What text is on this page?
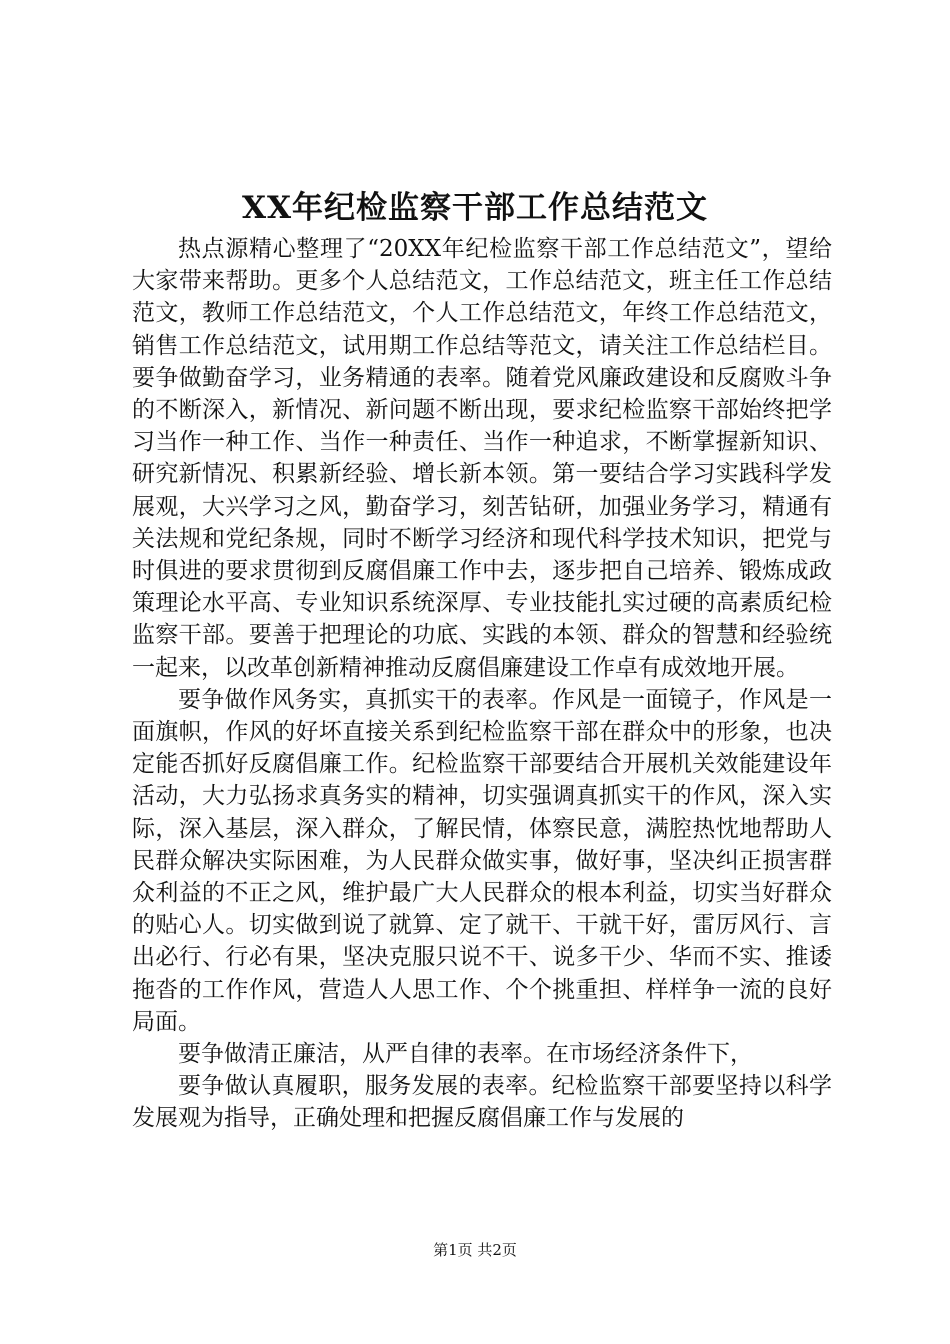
XX年纪检监察干部工作总结范文

热点源精心整理了“20XX年纪检监察干部工作总结范文”，望给大家带来帮助。更多个人总结范文，工作总结范文，班主任工作总结范文，教师工作总结范文，个人工作总结范文，年终工作总结范文，销售工作总结范文，试用期工作总结等范文，请关注工作总结栏目。要争做勤奋学习，业务精通的表率。随着党风廉政建设和反腐败斗争的不断深入，新情况、新问题不断出现，要求纪检监察干部始终把学习当作一种工作、当作一种责任、当作一种追求，不断掌握新知识、研究新情况、积累新经验、增长新本领。第一要结合学习实践科学发展观，大兴学习之风，勤奋学习，刻苦钻研，加强业务学习，精通有关法规和党纪条规，同时不断学习经济和现代科学技术知识，把党与时俱进的要求贯彻到反腐倡廉工作中去，逐步把自己培养、锻炼成政策理论水平高、专业知识系统深厚、专业技能扎实过硬的高素质纪检监察干部。要善于把理论的功底、实践的本领、群众的智慧和经验统一起来，以改革创新精神推动反腐倡廉建设工作卓有成效地开展。

要争做作风务实，真抓实干的表率。作风是一面镜子，作风是一面旗帜，作风的好坏直接关系到纪检监察干部在群众中的形象，也决定能否抓好反腐倡廉工作。纪检监察干部要结合开展机关效能建设年活动，大力弘扬求真务实的精神，切实强调真抓实干的作风，深入实际，深入基层，深入群众，了解民情，体察民意，满腔热忱地帮助人民群众解决实际困难，为人民群众做实事，做好事，坚决纠正损害群众利益的不正之风，维护最广大人民群众的根本利益，切实当好群众的贴心人。切实做到说了就算、定了就干、干就干好，雷厉风行、言出必行、行必有果，坚决克服只说不干、说多干少、华而不实、推诿拖沓的工作作风，营造人人思工作、个个挑重担、样样争一流的良好局面。

要争做清正廉洁，从严自律的表率。在市场经济条件下，

要争做认真履职，服务发展的表率。纪检监察干部要坚持以科学发展观为指导，正确处理和把握反腐倡廉工作与发展的

第1页 共2页
